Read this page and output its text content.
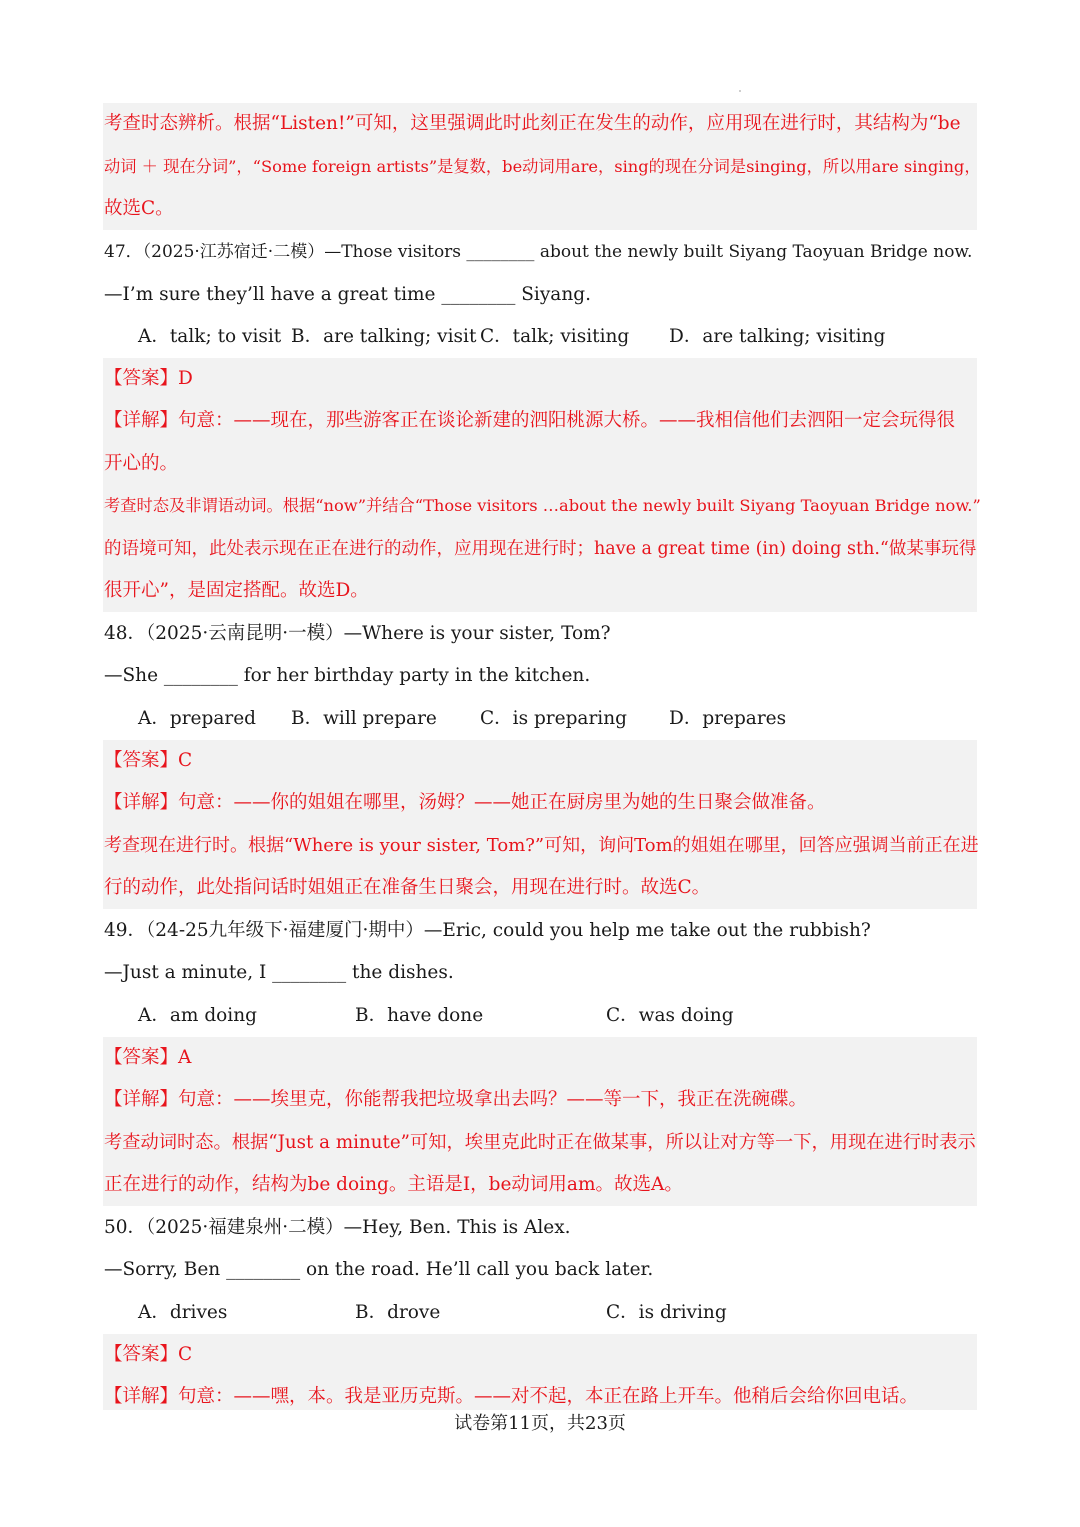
考查时态辨析。根据“Listen!”可知，这里强调此时此刻正在发生的动作，应用现在进行时，其结构为“be
动词 ＋ 现在分词”，“Some foreign artists”是复数，be动词用are，sing的现在分词是singing，所以用are singing，
故选C。
47．（2025·江苏宿迁·二模）—Those visitors ________ about the newly built Siyang Taoyuan Bridge now.
—I’m sure they’ll have a great time ________ Siyang.
A．talk; to visit B．are talking; visit C．talk; visiting D．are talking; visiting
【答案】D
【详解】句意：——现在，那些游客正在谈论新建的泗阳桃源大桥。——我相信他们去泗阳一定会玩得很
开心的。
考查时态及非谓语动词。根据“now”并结合“Those visitors …about the newly built Siyang Taoyuan Bridge now.”
的语境可知，此处表示现在正在进行的动作，应用现在进行时；have a great time (in) doing sth.“做某事玩得
很开心”，是固定搭配。故选D。
48．（2025·云南昆明·一模）—Where is your sister, Tom?
—She ________ for her birthday party in the kitchen.
A．prepared B．will prepare C．is preparing D．prepares
【答案】C
【详解】句意：——你的姐姐在哪里，汤姆？——她正在厨房里为她的生日聚会做准备。
考查现在进行时。根据“Where is your sister, Tom?”可知，询问Tom的姐姐在哪里，回答应强调当前正在进
行的动作，此处指问话时姐姐正在准备生日聚会，用现在进行时。故选C。
49．（24-25九年级下·福建厦门·期中）—Eric, could you help me take out the rubbish?
—Just a minute, I ________ the dishes.
A．am doing	B．have done	C．was doing
【答案】A
【详解】句意：——埃里克，你能帮我把垃圾拿出去吗？——等一下，我正在洗碗碟。
考查动词时态。根据“Just a minute”可知，埃里克此时正在做某事，所以让对方等一下，用现在进行时表示
正在进行的动作，结构为be doing。主语是I，be动词用am。故选A。
50．（2025·福建泉州·二模）—Hey, Ben. This is Alex.
—Sorry, Ben ________ on the road. He’ll call you back later.
A．drives	B．drove	C．is driving
【答案】C
【详解】句意：——嘿，本。我是亚历克斯。——对不起，本正在路上开车。他稍后会给你回电话。
试卷第11页，共23页
